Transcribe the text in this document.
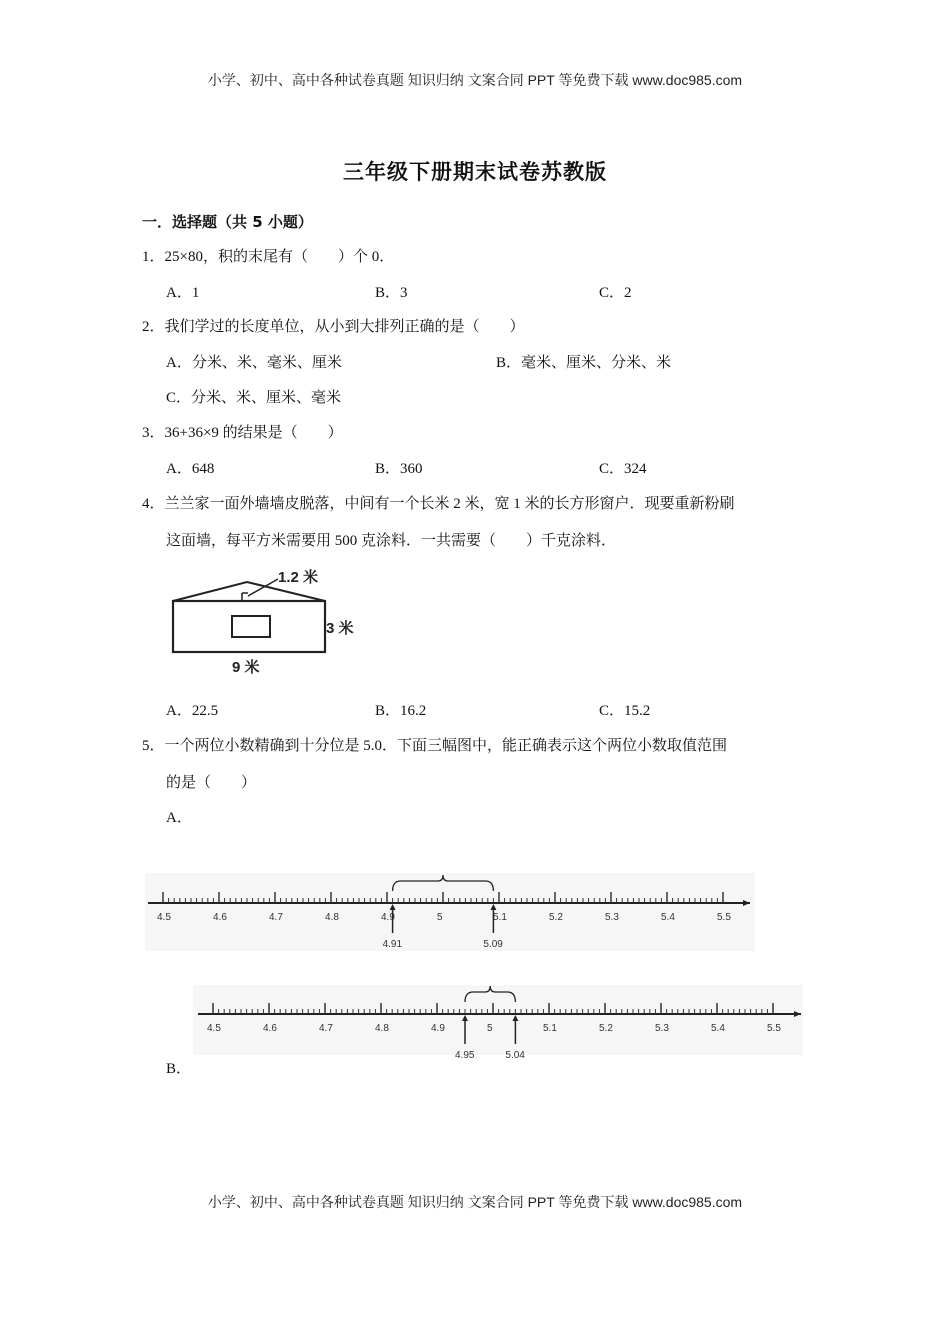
小学、初中、高中各种试卷真题 知识归纳 文案合同 PPT 等免费下载 www.doc985.com
三年级下册期末试卷苏教版
一．选择题（共 5 小题）
1．25×80，积的末尾有（　　）个 0．
A．1	B．3	C．2
2．我们学过的长度单位，从小到大排列正确的是（　　）
A．分米、米、毫米、厘米	B．毫米、厘米、分米、米
C．分米、米、厘米、毫米
3．36+36×9 的结果是（　　）
A．648	B．360	C．324
4．兰兰家一面外墙墙皮脱落，中间有一个长米 2 米，宽 1 米的长方形窗户．现要重新粉刷
这面墙，每平方米需要用 500 克涂料．一共需要（　　）千克涂料．
1.2 米
3 米
9 米
A．22.5	B．16.2	C．15.2
5．一个两位小数精确到十分位是 5.0．下面三幅图中，能正确表示这个两位小数取值范围
的是（　　）
A．
4.5	4.6	4.7	4.8	4.9	5	5.1	5.2	5.3	5.4	5.5
4.91	5.09
4.5	4.6	4.7	4.8	4.9	5	5.1	5.2	5.3	5.4	5.5
4.95	5.04
B．
小学、初中、高中各种试卷真题 知识归纳 文案合同 PPT 等免费下载 www.doc985.com
